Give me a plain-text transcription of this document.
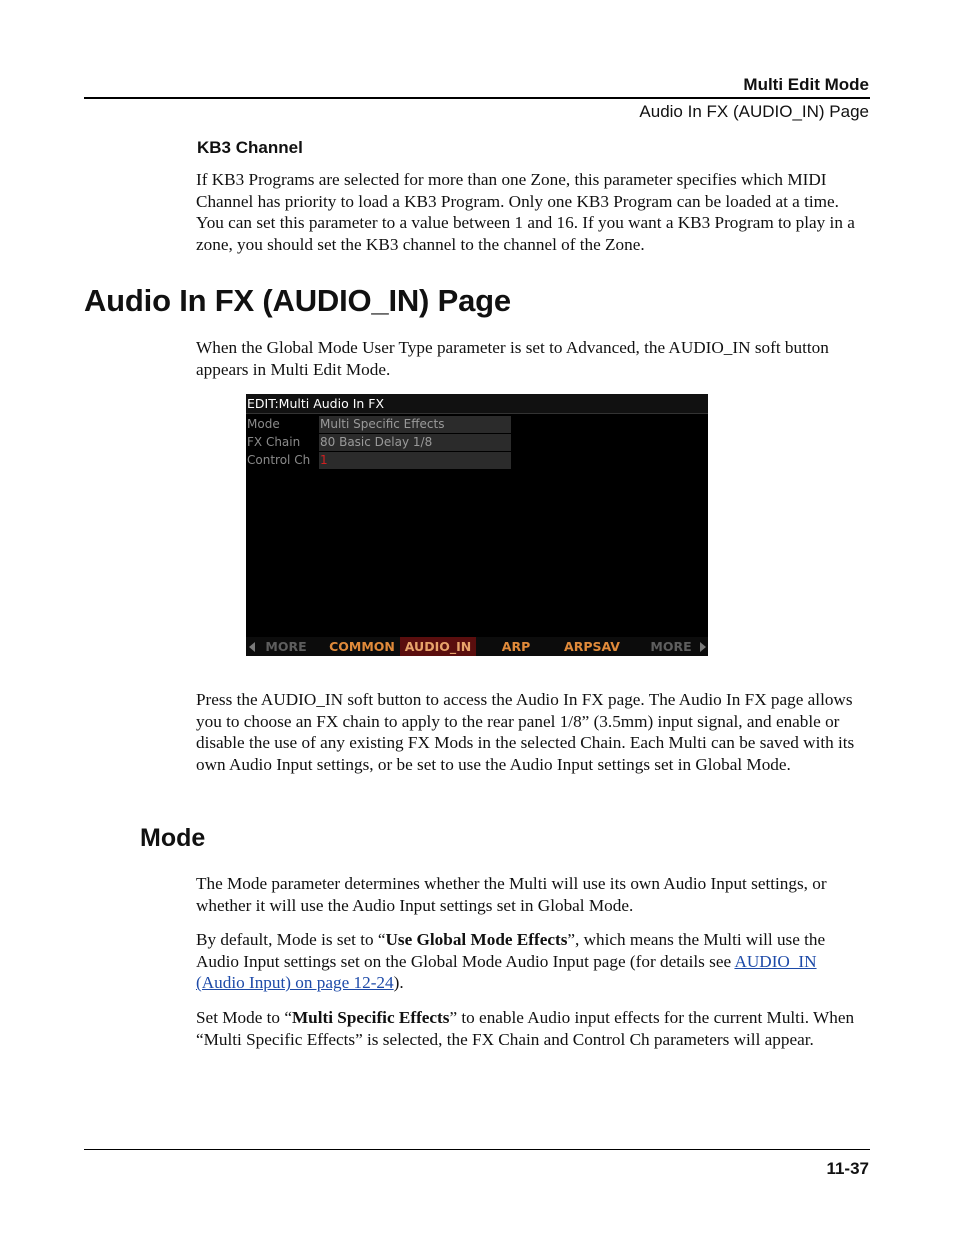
Multi Edit Mode
Audio In FX (AUDIO_IN) Page
KB3 Channel
If KB3 Programs are selected for more than one Zone, this parameter specifies which MIDI Channel has priority to load a KB3 Program. Only one KB3 Program can be loaded at a time. You can set this parameter to a value between 1 and 16. If you want a KB3 Program to play in a zone, you should set the KB3 channel to the channel of the Zone.
Audio In FX (AUDIO_IN) Page
When the Global Mode User Type parameter is set to Advanced, the AUDIO_IN soft button appears in Multi Edit Mode.
EDIT:Multi Audio In FX
Mode	Multi Specific Effects
FX Chain 80 Basic Delay 1/8
Control Ch 1
MORE	COMMON AUDIO_IN	ARP	ARPSAV	MORE
Press the AUDIO_IN soft button to access the Audio In FX page. The Audio In FX page allows you to choose an FX chain to apply to the rear panel 1/8” (3.5mm) input signal, and enable or disable the use of any existing FX Mods in the selected Chain. Each Multi can be saved with its own Audio Input settings, or be set to use the Audio Input settings set in Global Mode.
Mode
The Mode parameter determines whether the Multi will use its own Audio Input settings, or whether it will use the Audio Input settings set in Global Mode.
By default, Mode is set to “Use Global Mode Effects”, which means the Multi will use the Audio Input settings set on the Global Mode Audio Input page (for details see AUDIO_IN (Audio Input) on page 12-24).
Set Mode to “Multi Specific Effects” to enable Audio input effects for the current Multi. When “Multi Specific Effects” is selected, the FX Chain and Control Ch parameters will appear.
11-37
